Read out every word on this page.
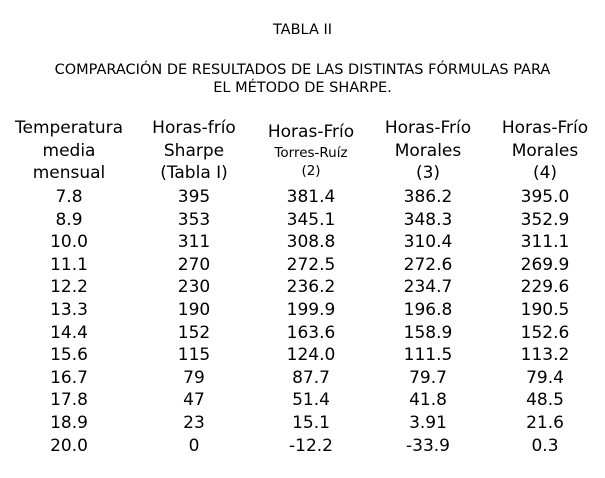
TABLA II
COMPARACIÓN DE RESULTADOS DE LAS DISTINTAS FÓRMULAS PARA
EL MÉTODO DE SHARPE.
Temperatura
media
mensual
7.8
8.9
10.0
11.1
12.2
13.3
14.4
15.6
16.7
17.8
18.9
20.0
Horas-frío
Sharpe
(Tabla I)
395
353
311
270
230
190
152
115
79
47
23
0
Horas-Frío
Torres-Ruíz
(2)
381.4
345.1
308.8
272.5
236.2
199.9
163.6
124.0
87.7
51.4
15.1
-12.2
Horas-Frío
Morales
(3)
386.2
348.3
310.4
272.6
234.7
196.8
158.9
111.5
79.7
41.8
3.91
-33.9
Horas-Frío
Morales
(4)
395.0
352.9
311.1
269.9
229.6
190.5
152.6
113.2
79.4
48.5
21.6
0.3
